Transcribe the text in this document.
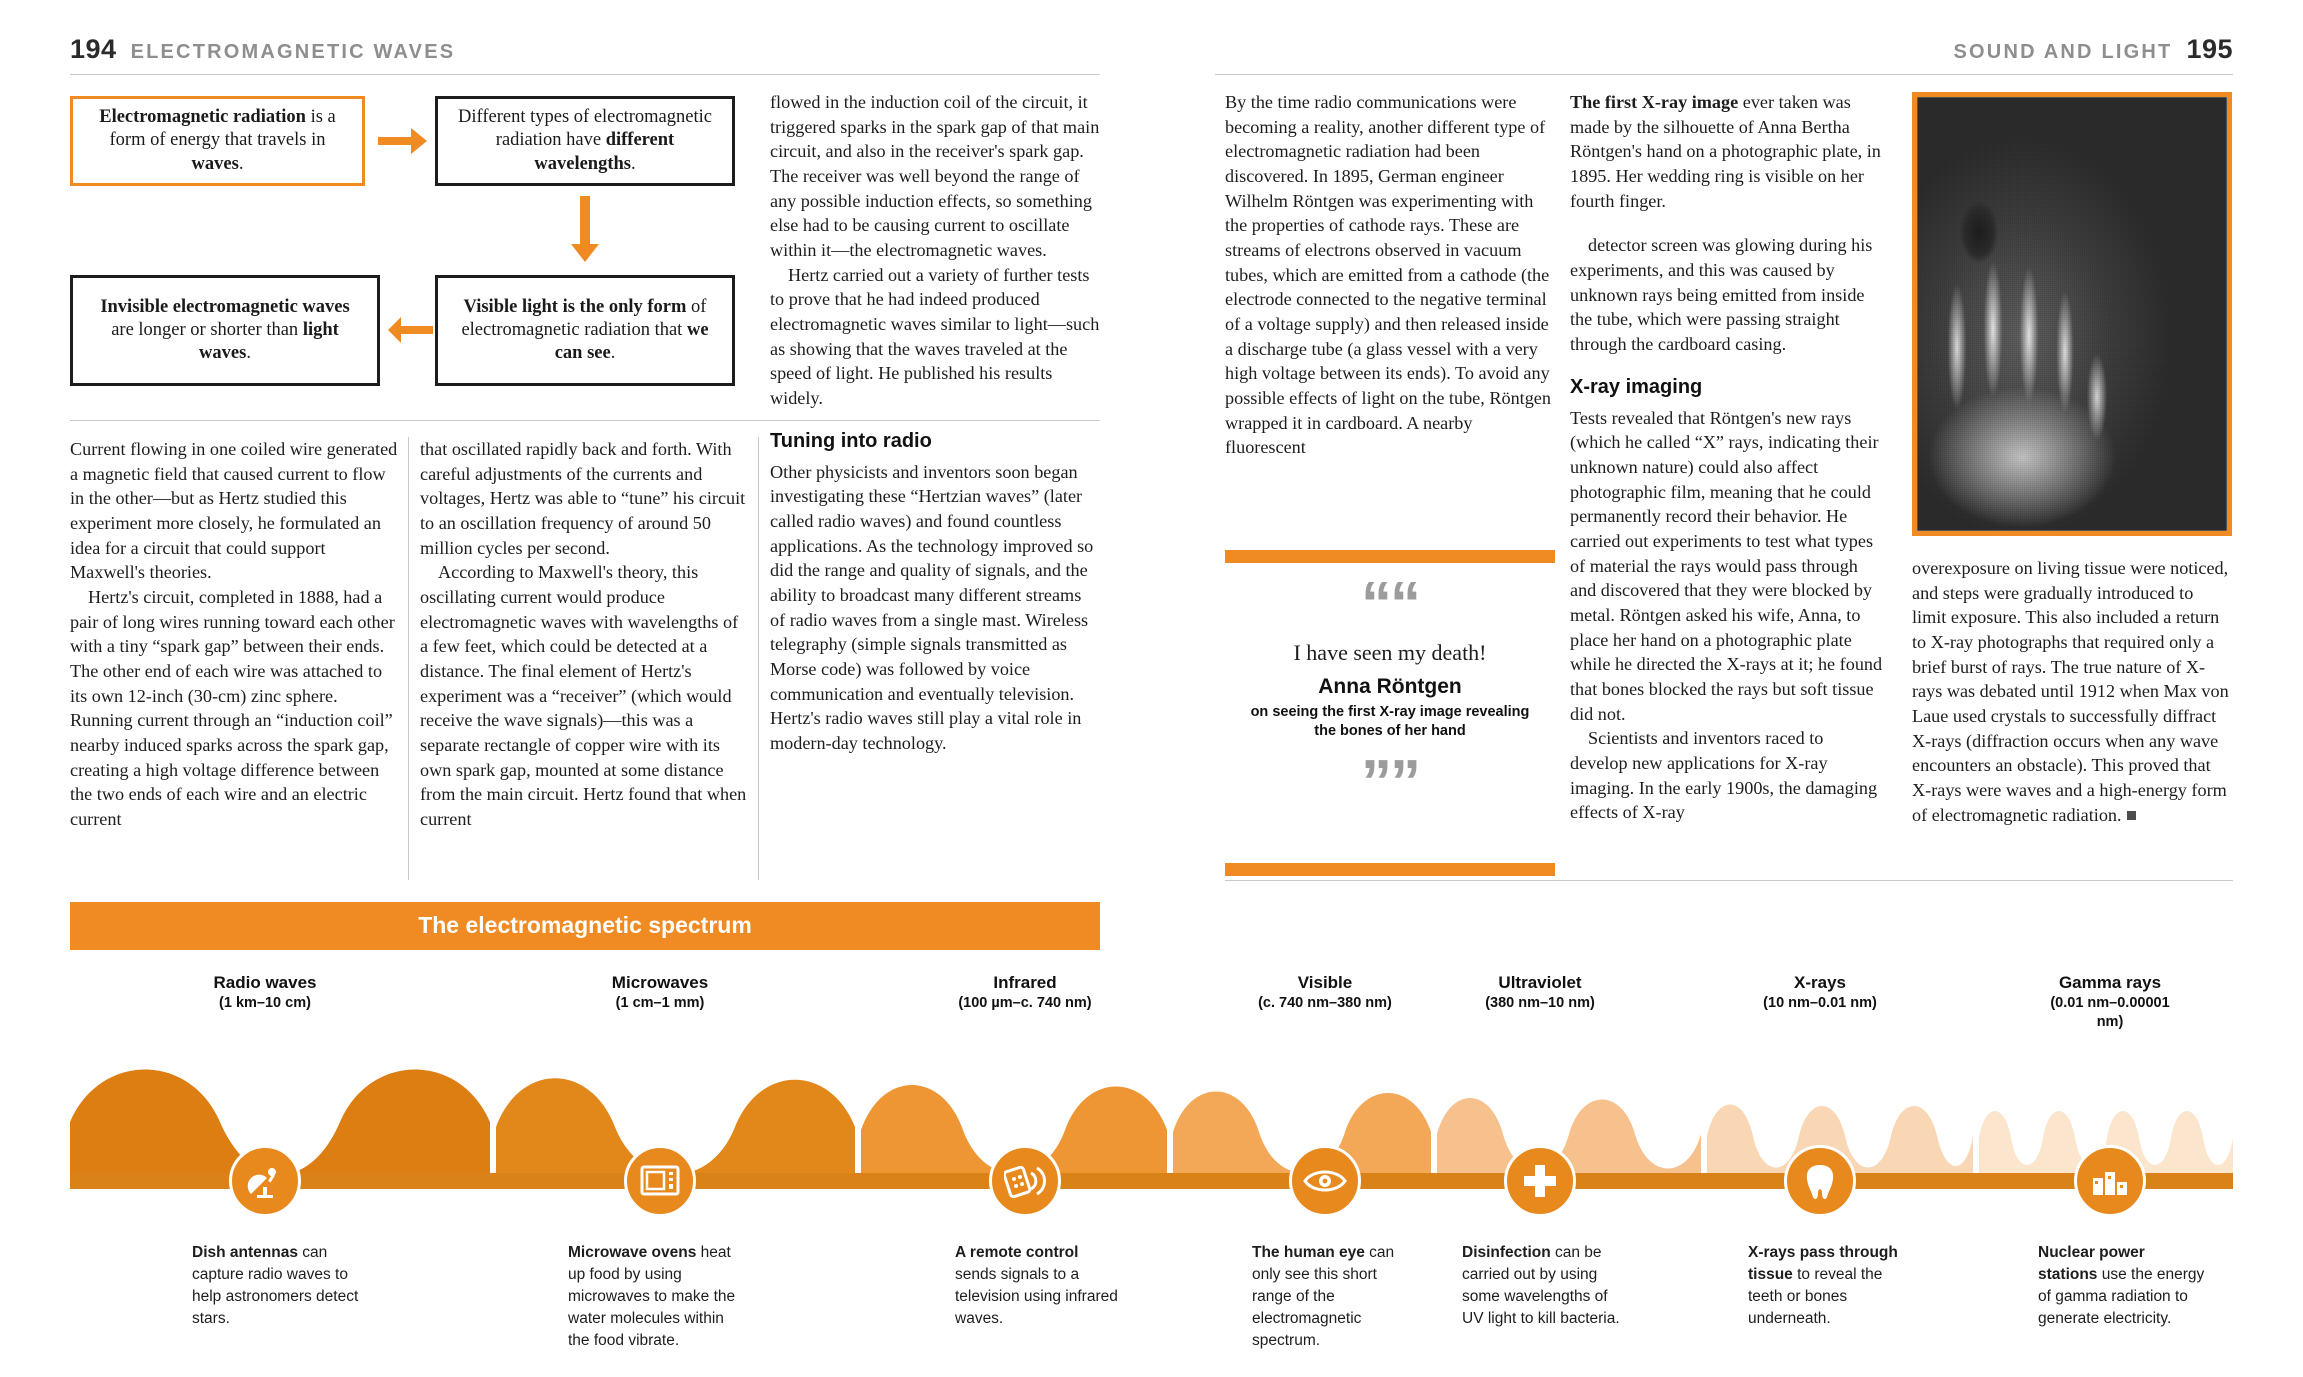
194 ELECTROMAGNETIC WAVES	SOUND AND LIGHT 195
Electromagnetic radiation is a form of energy that travels in waves.
Different types of electromagnetic radiation have different wavelengths.
Visible light is the only form of electromagnetic radiation that we can see.
Invisible electromagnetic waves are longer or shorter than light waves.

Current flowing in one coiled wire generated a magnetic field that caused current to flow in the other—but as Hertz studied this experiment more closely, he formulated an idea for a circuit that could support Maxwell's theories.

Hertz's circuit, completed in 1888, had a pair of long wires running toward each other with a tiny “spark gap” between their ends. The other end of each wire was attached to its own 12-inch (30-cm) zinc sphere. Running current through an “induction coil” nearby induced sparks across the spark gap, creating a high voltage difference between the two ends of each wire and an electric current

that oscillated rapidly back and forth. With careful adjustments of the currents and voltages, Hertz was able to “tune” his circuit to an oscillation frequency of around 50 million cycles per second.

According to Maxwell's theory, this oscillating current would produce electromagnetic waves with wavelengths of a few feet, which could be detected at a distance. The final element of Hertz's experiment was a “receiver” (which would receive the wave signals)—this was a separate rectangle of copper wire with its own spark gap, mounted at some distance from the main circuit. Hertz found that when current

flowed in the induction coil of the circuit, it triggered sparks in the spark gap of that main circuit, and also in the receiver's spark gap. The receiver was well beyond the range of any possible induction effects, so something else had to be causing current to oscillate within it—the electromagnetic waves.

Hertz carried out a variety of further tests to prove that he had indeed produced electromagnetic waves similar to light—such as showing that the waves traveled at the speed of light. He published his results widely.

Tuning into radio

Other physicists and inventors soon began investigating these “Hertzian waves” (later called radio waves) and found countless applications. As the technology improved so did the range and quality of signals, and the ability to broadcast many different streams of radio waves from a single mast. Wireless telegraphy (simple signals transmitted as Morse code) was followed by voice communication and eventually television. Hertz's radio waves still play a vital role in modern-day technology.

By the time radio communications were becoming a reality, another different type of electromagnetic radiation had been discovered. In 1895, German engineer Wilhelm Röntgen was experimenting with the properties of cathode rays. These are streams of electrons observed in vacuum tubes, which are emitted from a cathode (the electrode connected to the negative terminal of a voltage supply) and then released inside a discharge tube (a glass vessel with a very high voltage between its ends). To avoid any possible effects of light on the tube, Röntgen wrapped it in cardboard. A nearby fluorescent

““
I have seen my death!
Anna Röntgen
on seeing the first X-ray image revealing the bones of her hand
””

The first X-ray image ever taken was made by the silhouette of Anna Bertha Röntgen's hand on a photographic plate, in 1895. Her wedding ring is visible on her fourth finger.

detector screen was glowing during his experiments, and this was caused by unknown rays being emitted from inside the tube, which were passing straight through the cardboard casing.

X-ray imaging

Tests revealed that Röntgen's new rays (which he called “X” rays, indicating their unknown nature) could also affect photographic film, meaning that he could permanently record their behavior. He carried out experiments to test what types of material the rays would pass through and discovered that they were blocked by metal. Röntgen asked his wife, Anna, to place her hand on a photographic plate while he directed the X-rays at it; he found that bones blocked the rays but soft tissue did not.

Scientists and inventors raced to develop new applications for X-ray imaging. In the early 1900s, the damaging effects of X-ray

overexposure on living tissue were noticed, and steps were gradually introduced to limit exposure. This also included a return to X-ray photographs that required only a brief burst of rays. The true nature of X-rays was debated until 1912 when Max von Laue used crystals to successfully diffract X-rays (diffraction occurs when any wave encounters an obstacle). This proved that X-rays were waves and a high-energy form of electromagnetic radiation.

The electromagnetic spectrum
Radio waves
(1 km–10 cm)
Microwaves
(1 cm–1 mm)
Infrared
(100 µm–c. 740 nm)
Visible
(c. 740 nm–380 nm)
Ultraviolet
(380 nm–10 nm)
X-rays
(10 nm–0.01 nm)
Gamma rays
(0.01 nm–0.00001 nm)
Dish antennas can capture radio waves to help astronomers detect stars.
Microwave ovens heat up food by using microwaves to make the water molecules within the food vibrate.
A remote control sends signals to a television using infrared waves.
The human eye can only see this short range of the electromagnetic spectrum.
Disinfection can be carried out by using some wavelengths of UV light to kill bacteria.
X-rays pass through tissue to reveal the teeth or bones underneath.
Nuclear power stations use the energy of gamma radiation to generate electricity.
